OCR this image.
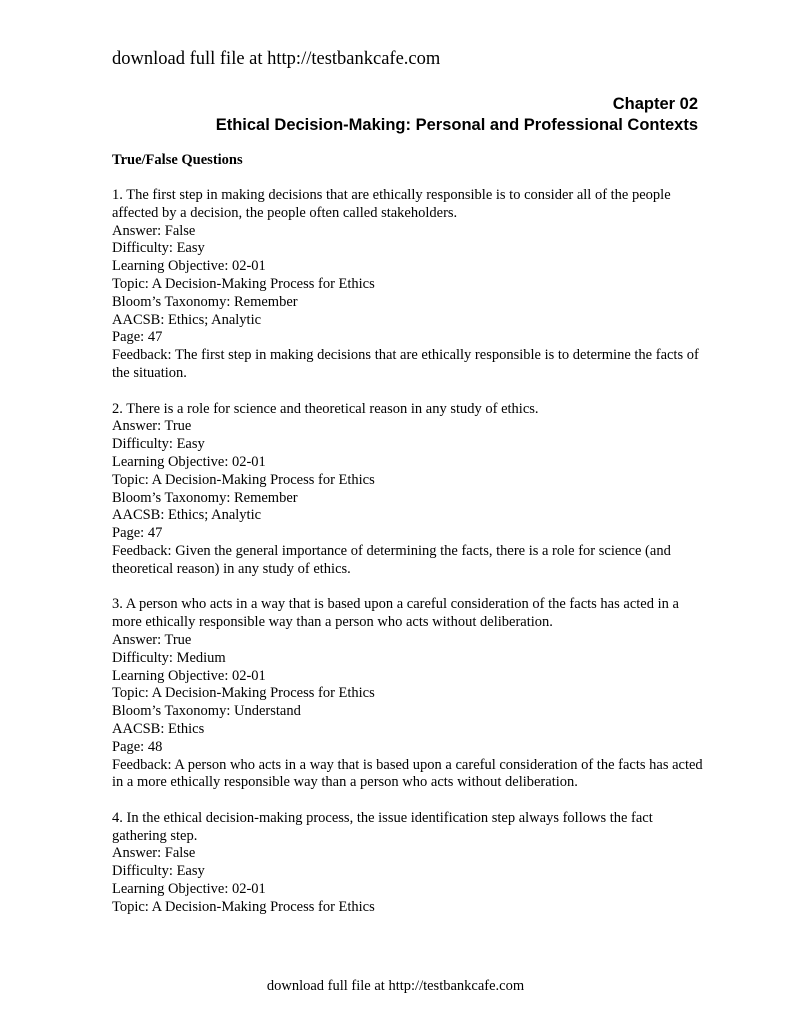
download full file at http://testbankcafe.com
Chapter 02
Ethical Decision-Making: Personal and Professional Contexts
True/False Questions
1. The first step in making decisions that are ethically responsible is to consider all of the people affected by a decision, the people often called stakeholders.
Answer: False
Difficulty: Easy
Learning Objective: 02-01
Topic: A Decision-Making Process for Ethics
Bloom’s Taxonomy: Remember
AACSB: Ethics; Analytic
Page: 47
Feedback: The first step in making decisions that are ethically responsible is to determine the facts of the situation.
2. There is a role for science and theoretical reason in any study of ethics.
Answer: True
Difficulty: Easy
Learning Objective: 02-01
Topic: A Decision-Making Process for Ethics
Bloom’s Taxonomy: Remember
AACSB: Ethics; Analytic
Page: 47
Feedback: Given the general importance of determining the facts, there is a role for science (and theoretical reason) in any study of ethics.
3. A person who acts in a way that is based upon a careful consideration of the facts has acted in a more ethically responsible way than a person who acts without deliberation.
Answer: True
Difficulty: Medium
Learning Objective: 02-01
Topic: A Decision-Making Process for Ethics
Bloom’s Taxonomy: Understand
AACSB: Ethics
Page: 48
Feedback: A person who acts in a way that is based upon a careful consideration of the facts has acted in a more ethically responsible way than a person who acts without deliberation.
4. In the ethical decision-making process, the issue identification step always follows the fact gathering step.
Answer: False
Difficulty: Easy
Learning Objective: 02-01
Topic: A Decision-Making Process for Ethics
download full file at http://testbankcafe.com
